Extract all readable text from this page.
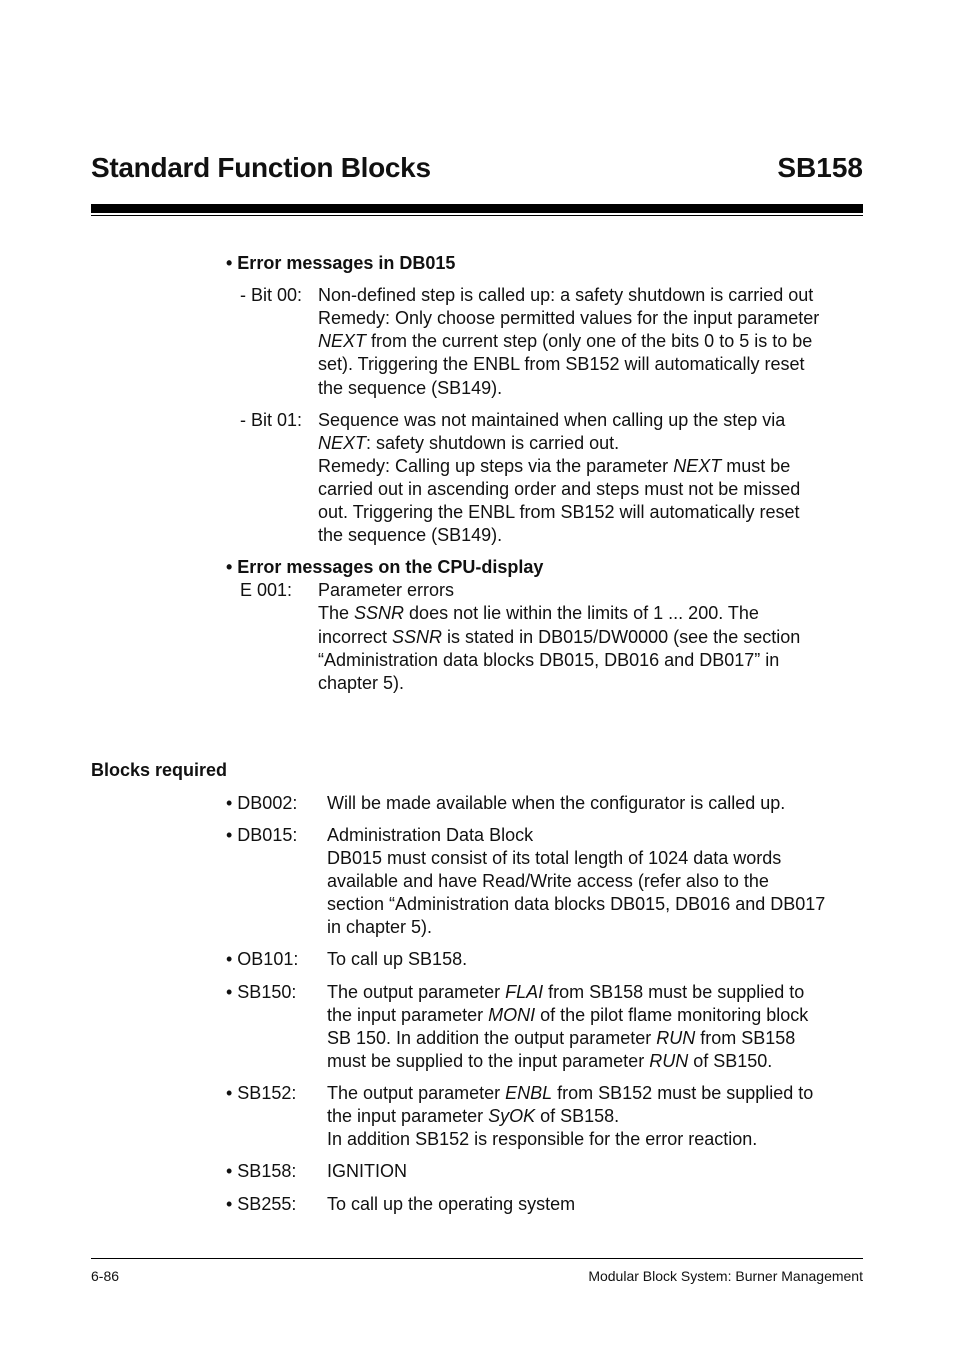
Standard Function Blocks	SB158
• Error messages in DB015
- Bit 00: Non-defined step is called up: a safety shutdown is carried out
Remedy: Only choose permitted values for the input parameter
NEXT from the current step (only one of the bits 0 to 5 is to be
set). Triggering the ENBL from SB152 will automatically reset
the sequence (SB149).
- Bit 01: Sequence was not maintained when calling up the step via
NEXT: safety shutdown is carried out.
Remedy: Calling up steps via the parameter NEXT must be
carried out in ascending order and steps must not be missed
out. Triggering the ENBL from SB152 will automatically reset
the sequence (SB149).
• Error messages on the CPU-display
E 001: Parameter errors
The SSNR does not lie within the limits of 1 ... 200. The
incorrect SSNR is stated in DB015/DW0000 (see the section
“Administration data blocks DB015, DB016 and DB017” in
chapter 5).
Blocks required
• DB002: Will be made available when the configurator is called up.
• DB015: Administration Data Block
DB015 must consist of its total length of 1024 data words
available and have Read/Write access (refer also to the
section “Administration data blocks DB015, DB016 and DB017
in chapter 5).
• OB101: To call up SB158.
• SB150: The output parameter FLAI from SB158 must be supplied to
the input parameter MONI of the pilot flame monitoring block
SB 150. In addition the output parameter RUN from SB158
must be supplied to the input parameter RUN of SB150.
• SB152: The output parameter ENBL from SB152 must be supplied to
the input parameter SyOK of SB158.
In addition SB152 is responsible for the error reaction.
• SB158: IGNITION
• SB255: To call up the operating system
6-86	Modular Block System: Burner Management
